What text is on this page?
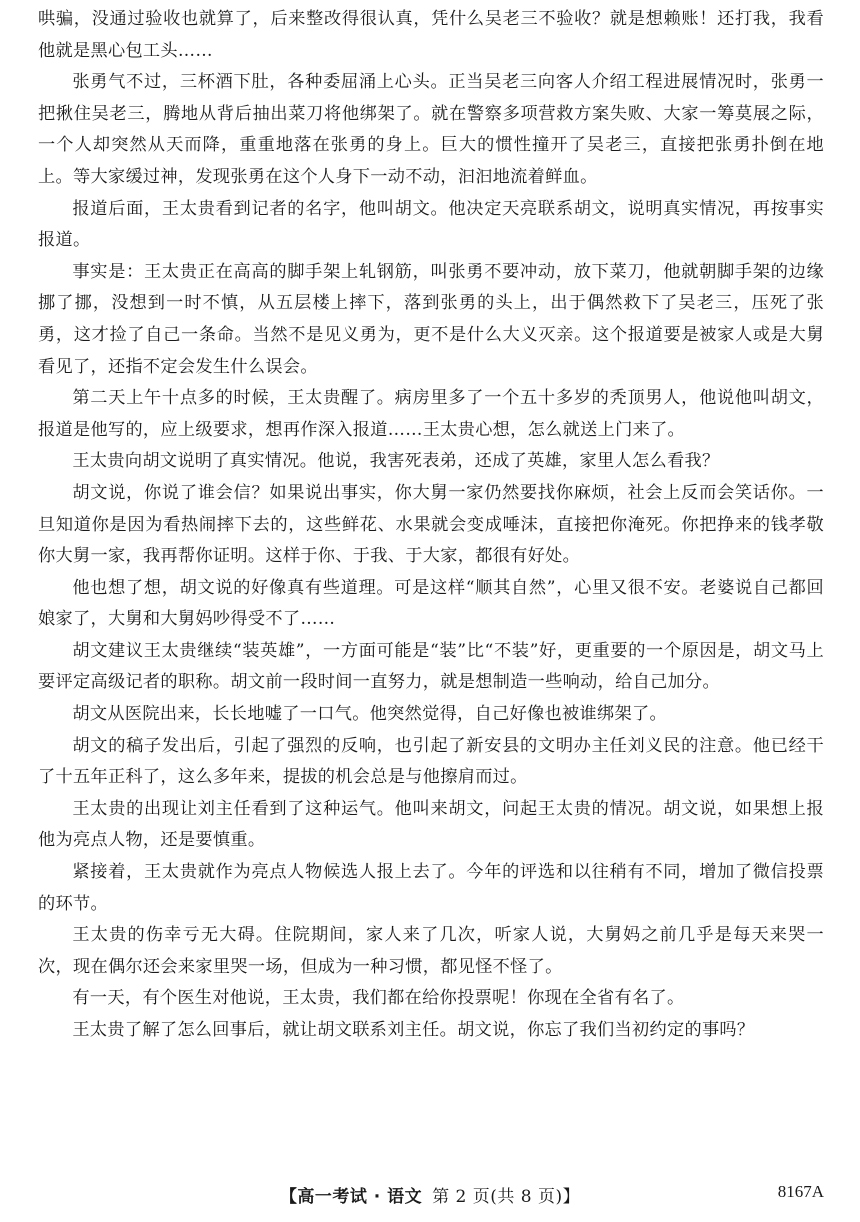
哄骗，没通过验收也就算了，后来整改得很认真，凭什么吴老三不验收？就是想赖账！还打我，我看他就是黑心包工头……

张勇气不过，三杯酒下肚，各种委屈涌上心头。正当吴老三向客人介绍工程进展情况时，张勇一把揪住吴老三，腾地从背后抽出菜刀将他绑架了。就在警察多项营救方案失败、大家一筹莫展之际，一个人却突然从天而降，重重地落在张勇的身上。巨大的惯性撞开了吴老三，直接把张勇扑倒在地上。等大家缓过神，发现张勇在这个人身下一动不动，汩汩地流着鲜血。

报道后面，王太贵看到记者的名字，他叫胡文。他决定天亮联系胡文，说明真实情况，再按事实报道。

事实是：王太贵正在高高的脚手架上轧钢筋，叫张勇不要冲动，放下菜刀，他就朝脚手架的边缘挪了挪，没想到一时不慎，从五层楼上摔下，落到张勇的头上，出于偶然救下了吴老三，压死了张勇，这才捡了自己一条命。当然不是见义勇为，更不是什么大义灭亲。这个报道要是被家人或是大舅看见了，还指不定会发生什么误会。

第二天上午十点多的时候，王太贵醒了。病房里多了一个五十多岁的秃顶男人，他说他叫胡文，报道是他写的，应上级要求，想再作深入报道……王太贵心想，怎么就送上门来了。

王太贵向胡文说明了真实情况。他说，我害死表弟，还成了英雄，家里人怎么看我？

胡文说，你说了谁会信？如果说出事实，你大舅一家仍然要找你麻烦，社会上反而会笑话你。一旦知道你是因为看热闹摔下去的，这些鲜花、水果就会变成唾沫，直接把你淹死。你把挣来的钱孝敬你大舅一家，我再帮你证明。这样于你、于我、于大家，都很有好处。

他也想了想，胡文说的好像真有些道理。可是这样“顺其自然”，心里又很不安。老婆说自己都回娘家了，大舅和大舅妈吵得受不了……

胡文建议王太贵继续“装英雄”，一方面可能是“装”比“不装”好，更重要的一个原因是，胡文马上要评定高级记者的职称。胡文前一段时间一直努力，就是想制造一些响动，给自己加分。

胡文从医院出来，长长地嘘了一口气。他突然觉得，自己好像也被谁绑架了。

胡文的稿子发出后，引起了强烈的反响，也引起了新安县的文明办主任刘义民的注意。他已经干了十五年正科了，这么多年来，提拔的机会总是与他擦肩而过。

王太贵的出现让刘主任看到了这种运气。他叫来胡文，问起王太贵的情况。胡文说，如果想上报他为亮点人物，还是要慎重。

紧接着，王太贵就作为亮点人物候选人报上去了。今年的评选和以往稍有不同，增加了微信投票的环节。

王太贵的伤幸亏无大碍。住院期间，家人来了几次，听家人说，大舅妈之前几乎是每天来哭一次，现在偶尔还会来家里哭一场，但成为一种习惯，都见怪不怪了。

有一天，有个医生对他说，王太贵，我们都在给你投票呢！你现在全省有名了。

王太贵了解了怎么回事后，就让胡文联系刘主任。胡文说，你忘了我们当初约定的事吗？

【高一考试 · 语文 第 2 页(共 8 页)】	8167A
